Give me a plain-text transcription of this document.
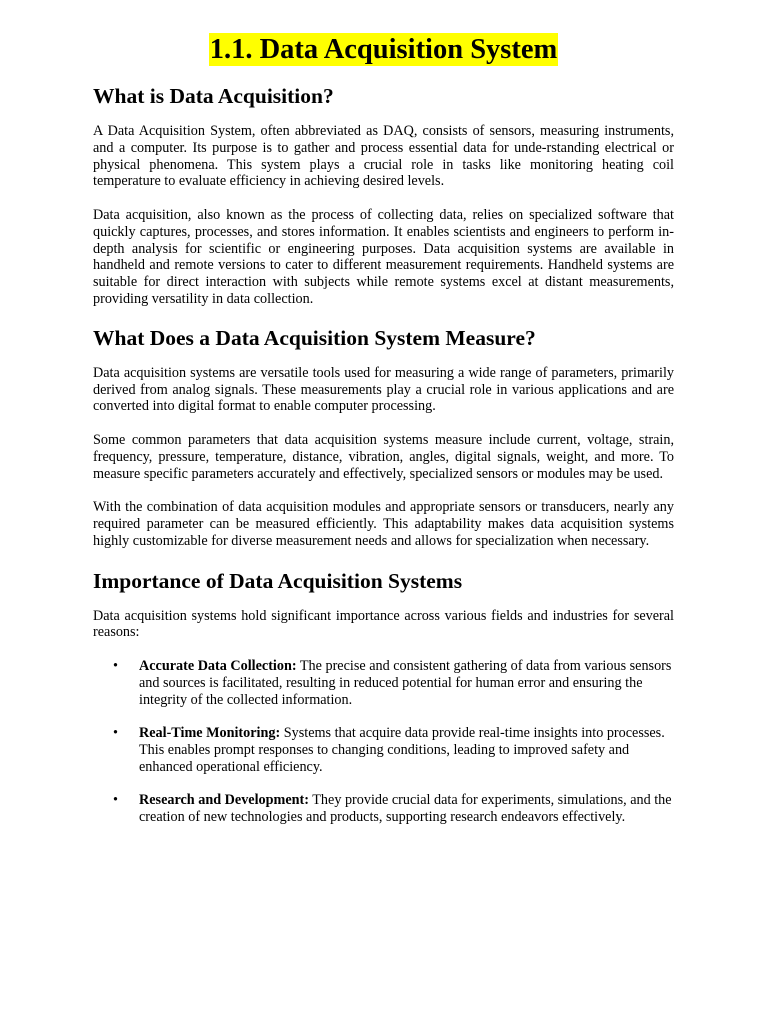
1.1. Data Acquisition System
What is Data Acquisition?

A Data Acquisition System, often abbreviated as DAQ, consists of sensors, measuring instruments, and a computer. Its purpose is to gather and process essential data for unde-rstanding electrical or physical phenomena. This system plays a crucial role in tasks like monitoring heating coil temperature to evaluate efficiency in achieving desired levels.

Data acquisition, also known as the process of collecting data, relies on specialized software that quickly captures, processes, and stores information. It enables scientists and engineers to perform in-depth analysis for scientific or engineering purposes. Data acquisition systems are available in handheld and remote versions to cater to different measurement requirements. Handheld systems are suitable for direct interaction with subjects while remote systems excel at distant measurements, providing versatility in data collection.

What Does a Data Acquisition System Measure?

Data acquisition systems are versatile tools used for measuring a wide range of parameters, primarily derived from analog signals. These measurements play a crucial role in various applications and are converted into digital format to enable computer processing.

Some common parameters that data acquisition systems measure include current, voltage, strain, frequency, pressure, temperature, distance, vibration, angles, digital signals, weight, and more. To measure specific parameters accurately and effectively, specialized sensors or modules may be used.

With the combination of data acquisition modules and appropriate sensors or transducers, nearly any required parameter can be measured efficiently. This adaptability makes data acquisition systems highly customizable for diverse measurement needs and allows for specialization when necessary.

Importance of Data Acquisition Systems

Data acquisition systems hold significant importance across various fields and industries for several reasons:

• Accurate Data Collection: The precise and consistent gathering of data from various sensors and sources is facilitated, resulting in reduced potential for human error and ensuring the integrity of the collected information.
• Real-Time Monitoring: Systems that acquire data provide real-time insights into processes. This enables prompt responses to changing conditions, leading to improved safety and enhanced operational efficiency.
• Research and Development: They provide crucial data for experiments, simulations, and the creation of new technologies and products, supporting research endeavors effectively.
